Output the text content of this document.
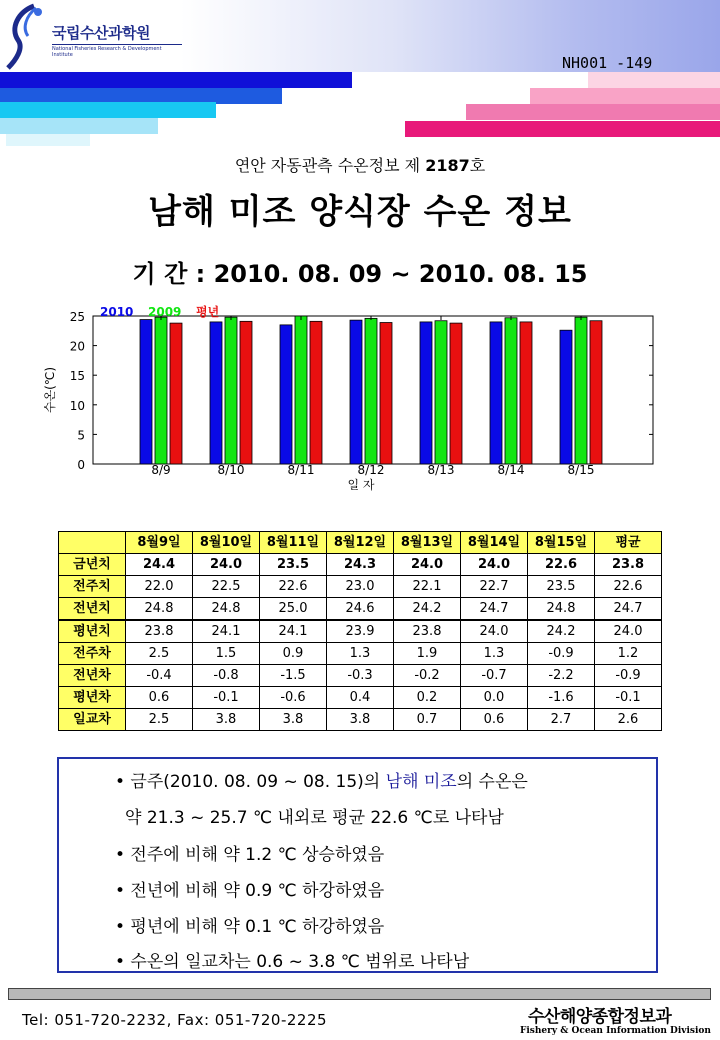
국립수산과학원
National Fisheries Research & Development Institute	NH001 -149
연안 자동관측 수온정보 제 2187호
남해 미조 양식장 수온 정보
기 간 : 2010. 08. 09 ~ 2010. 08. 15
0
5
10
15
20
25
수온(℃)
8/9	8/10	8/11	8/12	8/13	8/14	8/15
일 자
2010 2009 평년
	8월9일	8월10일	8월11일	8월12일	8월13일	8월14일	8월15일	평균
금년치	24.4	24.0	23.5	24.3	24.0	24.0	22.6	23.8
전주치	22.0	22.5	22.6	23.0	22.1	22.7	23.5	22.6
전년치	24.8	24.8	25.0	24.6	24.2	24.7	24.8	24.7
평년치	23.8	24.1	24.1	23.9	23.8	24.0	24.2	24.0
전주차	2.5	1.5	0.9	1.3	1.9	1.3	-0.9	1.2
전년차	-0.4	-0.8	-1.5	-0.3	-0.2	-0.7	-2.2	-0.9
평년차	0.6	-0.1	-0.6	0.4	0.2	0.0	-1.6	-0.1
일교차	2.5	3.8	3.8	3.8	0.7	0.6	2.7	2.6
• 금주(2010. 08. 09 ~ 08. 15)의 남해 미조의 수온은
약 21.3 ~ 25.7 ℃ 내외로 평균 22.6 ℃로 나타남
• 전주에 비해 약 1.2 ℃ 상승하였음
• 전년에 비해 약 0.9 ℃ 하강하였음
• 평년에 비해 약 0.1 ℃ 하강하였음
• 수온의 일교차는 0.6 ~ 3.8 ℃ 범위로 나타남
Tel: 051-720-2232, Fax: 051-720-2225	수산해양종합정보과
Fishery & Ocean Information Division
